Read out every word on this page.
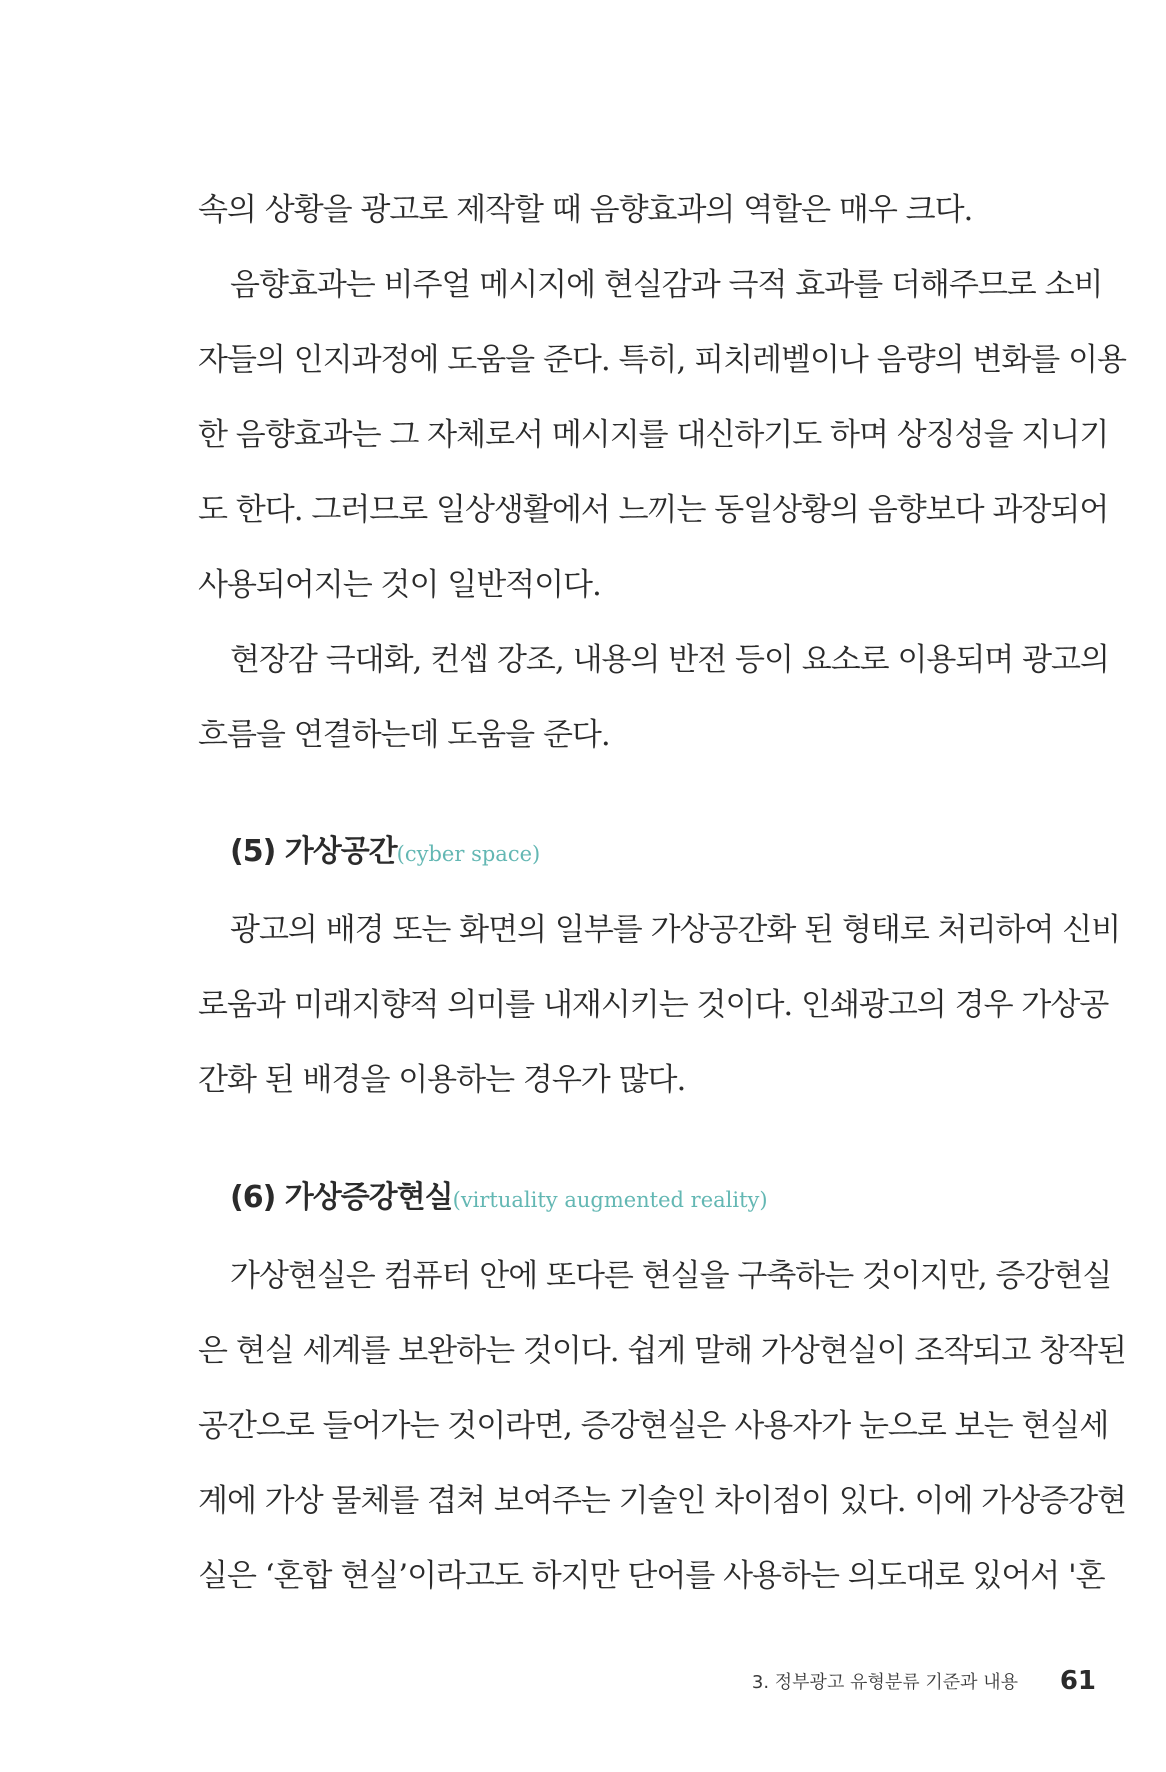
속의 상황을 광고로 제작할 때 음향효과의 역할은 매우 크다.
음향효과는 비주얼 메시지에 현실감과 극적 효과를 더해주므로 소비
자들의 인지과정에 도움을 준다. 특히, 피치레벨이나 음량의 변화를 이용
한 음향효과는 그 자체로서 메시지를 대신하기도 하며 상징성을 지니기
도 한다. 그러므로 일상생활에서 느끼는 동일상황의 음향보다 과장되어
사용되어지는 것이 일반적이다.
현장감 극대화, 컨셉 강조, 내용의 반전 등이 요소로 이용되며 광고의
흐름을 연결하는데 도움을 준다.
(5) 가상공간(cyber space)
광고의 배경 또는 화면의 일부를 가상공간화 된 형태로 처리하여 신비
로움과 미래지향적 의미를 내재시키는 것이다. 인쇄광고의 경우 가상공
간화 된 배경을 이용하는 경우가 많다.
(6) 가상증강현실(virtuality augmented reality)
가상현실은 컴퓨터 안에 또다른 현실을 구축하는 것이지만, 증강현실
은 현실 세계를 보완하는 것이다. 쉽게 말해 가상현실이 조작되고 창작된
공간으로 들어가는 것이라면, 증강현실은 사용자가 눈으로 보는 현실세
계에 가상 물체를 겹쳐 보여주는 기술인 차이점이 있다. 이에 가상증강현
실은 ‘혼합 현실’이라고도 하지만 단어를 사용하는 의도대로 있어서 '혼
3. 정부광고 유형분류 기준과 내용 61
